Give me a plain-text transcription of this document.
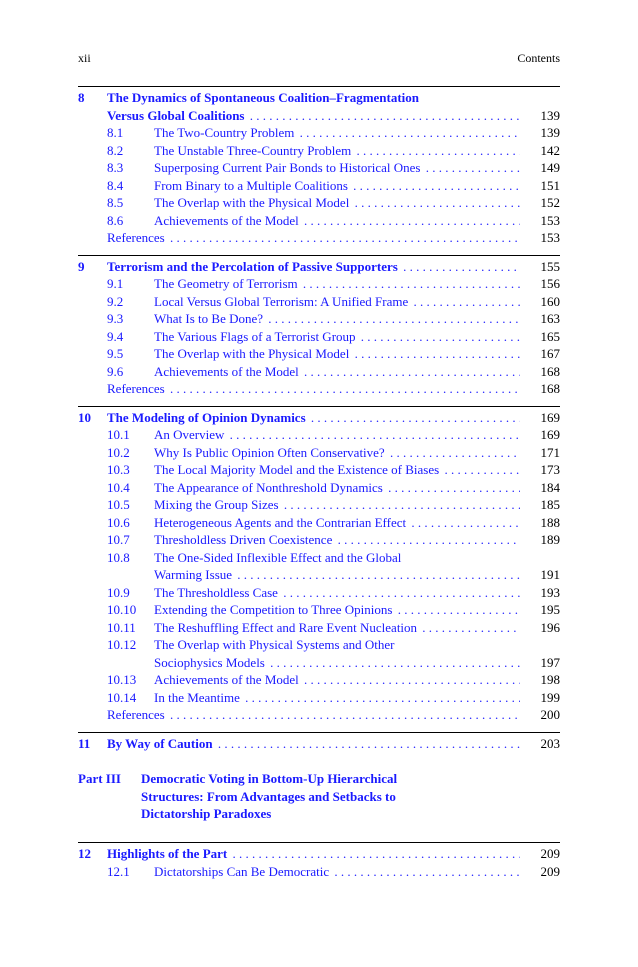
xii	Contents
8 The Dynamics of Spontaneous Coalition–Fragmentation
Versus Global Coalitions . . .	139
8.1 The Two-Country Problem . . .	139
8.2 The Unstable Three-Country Problem . . .	142
8.3 Superposing Current Pair Bonds to Historical Ones . . .	149
8.4 From Binary to a Multiple Coalitions . . .	151
8.5 The Overlap with the Physical Model . . .	152
8.6 Achievements of the Model . . .	153
References . . .	153
9 Terrorism and the Percolation of Passive Supporters . . .	155
9.1 The Geometry of Terrorism . . .	156
9.2 Local Versus Global Terrorism: A Unified Frame . . .	160
9.3 What Is to Be Done? . . .	163
9.4 The Various Flags of a Terrorist Group . . .	165
9.5 The Overlap with the Physical Model . . .	167
9.6 Achievements of the Model . . .	168
References . . .	168
10 The Modeling of Opinion Dynamics . . .	169
10.1 An Overview . . .	169
10.2 Why Is Public Opinion Often Conservative? . . .	171
10.3 The Local Majority Model and the Existence of Biases . . .	173
10.4 The Appearance of Nonthreshold Dynamics . . .	184
10.5 Mixing the Group Sizes . . .	185
10.6 Heterogeneous Agents and the Contrarian Effect . . .	188
10.7 Thresholdless Driven Coexistence . . .	189
10.8 The One-Sided Inflexible Effect and the Global
Warming Issue . . .	191
10.9 The Thresholdless Case . . .	193
10.10 Extending the Competition to Three Opinions . . .	195
10.11 The Reshuffling Effect and Rare Event Nucleation . . .	196
10.12 The Overlap with Physical Systems and Other
Sociophysics Models . . .	197
10.13 Achievements of the Model . . .	198
10.14 In the Meantime . . .	199
References . . .	200
11 By Way of Caution . . .	203
Part III Democratic Voting in Bottom-Up Hierarchical
Structures: From Advantages and Setbacks to
Dictatorship Paradoxes
12 Highlights of the Part . . .	209
12.1 Dictatorships Can Be Democratic . . .	209
